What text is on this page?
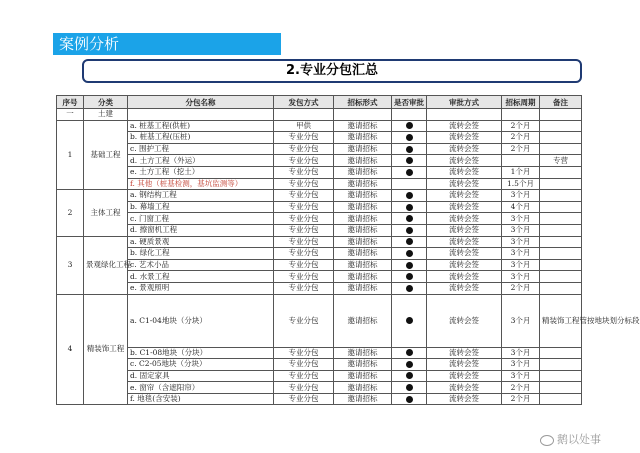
案例分析
2.专业分包汇总
序号	分类	分包名称	发包方式	招标形式	是否审批	审批方式	招标周期	备注
一	土建							
1	基础工程	a. 桩基工程(供桩)	甲供	邀请招标		流转会签	2个月	
		b. 桩基工程(压桩)	专业分包	邀请招标		流转会签	2个月	
		c. 围护工程	专业分包	邀请招标		流转会签	2个月	
		d. 土方工程（外运）	专业分包	邀请招标		流转会签		专营
		e. 土方工程（挖土）	专业分包	邀请招标		流转会签	1个月	
		f. 其他（桩基检测，基坑监测等）	专业分包	邀请招标		流转会签	1.5个月	
2	主体工程	a. 钢结构工程	专业分包	邀请招标		流转会签	3个月	
		b. 幕墙工程	专业分包	邀请招标		流转会签	4个月	
		c. 门窗工程	专业分包	邀请招标		流转会签	3个月	
		d. 擦窗机工程	专业分包	邀请招标		流转会签	3个月	
3	景观绿化工程	a. 硬质景观	专业分包	邀请招标		流转会签	3个月	
		b. 绿化工程	专业分包	邀请招标		流转会签	3个月	
		c. 艺术小品	专业分包	邀请招标		流转会签	3个月	
		d. 水景工程	专业分包	邀请招标		流转会签	3个月	
		e. 景观照明	专业分包	邀请招标		流转会签	2个月	
4	精装饰工程	a. C1-04地块（分块）	专业分包	邀请招标		流转会签	3个月	精装饰工程管按地块划分标段
		b. C1-08地块（分块）	专业分包	邀请招标		流转会签	3个月	
		c. C2-05地块（分块）	专业分包	邀请招标		流转会签	3个月	
		d. 固定家具	专业分包	邀请招标		流转会签	3个月	
		e. 窗帘（含遮阳帘）	专业分包	邀请招标		流转会签	2个月	
		f. 地毯(含安装)	专业分包	邀请招标		流转会签	2个月	
鹅以处事
